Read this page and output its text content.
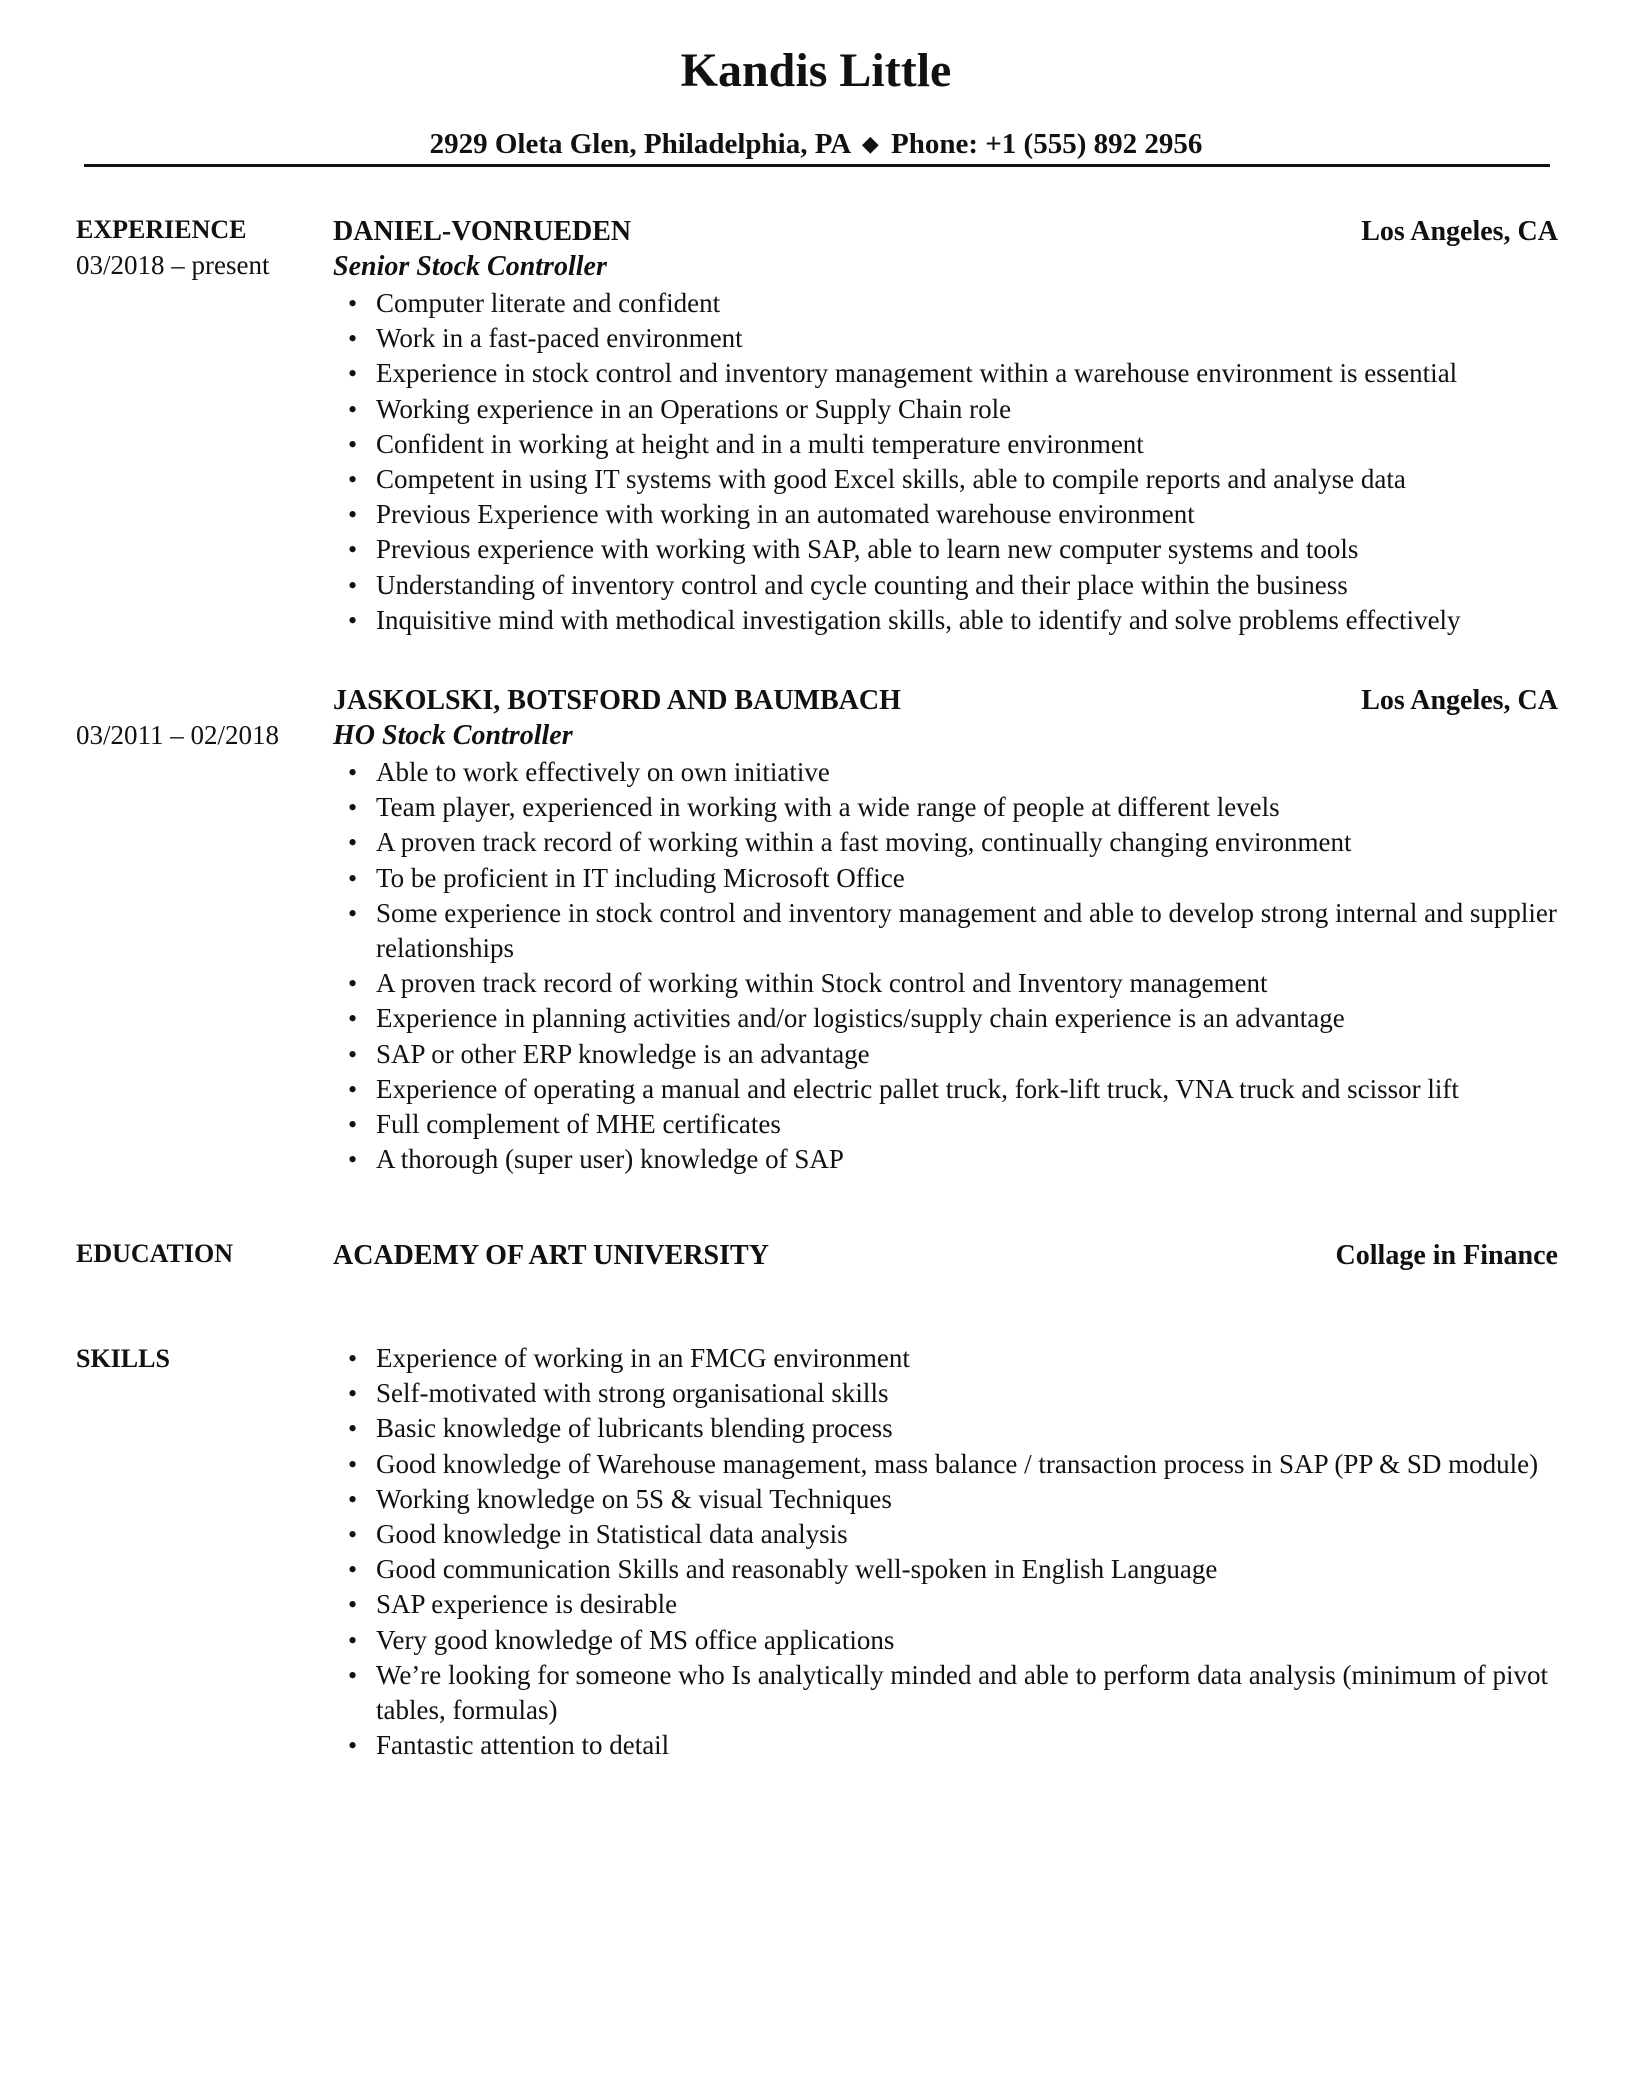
Kandis Little
2929 Oleta Glen, Philadelphia, PA ◆ Phone: +1 (555) 892 2956
EXPERIENCE
03/2018 – present
DANIEL-VONRUEDEN	Los Angeles, CA
Senior Stock Controller
• Computer literate and confident
• Work in a fast-paced environment
• Experience in stock control and inventory management within a warehouse environment is essential
• Working experience in an Operations or Supply Chain role
• Confident in working at height and in a multi temperature environment
• Competent in using IT systems with good Excel skills, able to compile reports and analyse data
• Previous Experience with working in an automated warehouse environment
• Previous experience with working with SAP, able to learn new computer systems and tools
• Understanding of inventory control and cycle counting and their place within the business
• Inquisitive mind with methodical investigation skills, able to identify and solve problems effectively
03/2011 – 02/2018
JASKOLSKI, BOTSFORD AND BAUMBACH	Los Angeles, CA
HO Stock Controller
• Able to work effectively on own initiative
• Team player, experienced in working with a wide range of people at different levels
• A proven track record of working within a fast moving, continually changing environment
• To be proficient in IT including Microsoft Office
• Some experience in stock control and inventory management and able to develop strong internal and supplier relationships
• A proven track record of working within Stock control and Inventory management
• Experience in planning activities and/or logistics/supply chain experience is an advantage
• SAP or other ERP knowledge is an advantage
• Experience of operating a manual and electric pallet truck, fork-lift truck, VNA truck and scissor lift
• Full complement of MHE certificates
• A thorough (super user) knowledge of SAP
EDUCATION	ACADEMY OF ART UNIVERSITY	Collage in Finance
SKILLS
•	Experience of working in an FMCG environment
• Self-motivated with strong organisational skills
• Basic knowledge of lubricants blending process
• Good knowledge of Warehouse management, mass balance / transaction process in SAP (PP & SD module)
• Working knowledge on 5S & visual Techniques
• Good knowledge in Statistical data analysis
• Good communication Skills and reasonably well-spoken in English Language
• SAP experience is desirable
• Very good knowledge of MS office applications
• We’re looking for someone who Is analytically minded and able to perform data analysis (minimum of pivot tables, formulas)
• Fantastic attention to detail
